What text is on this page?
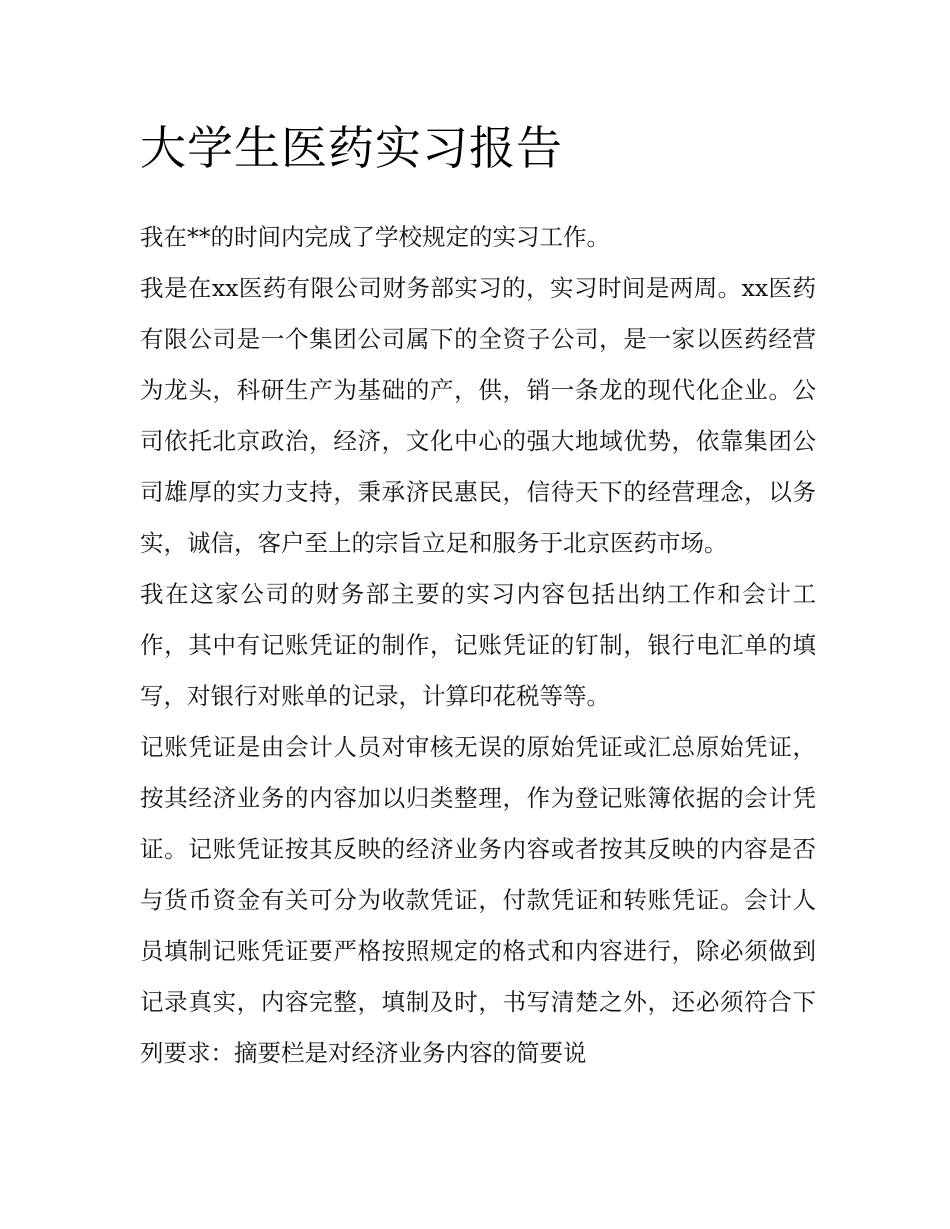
大学生医药实习报告

我在**的时间内完成了学校规定的实习工作。

我是在xx医药有限公司财务部实习的，实习时间是两周。xx医药有限公司是一个集团公司属下的全资子公司，是一家以医药经营为龙头，科研生产为基础的产，供，销一条龙的现代化企业。公司依托北京政治，经济，文化中心的强大地域优势，依靠集团公司雄厚的实力支持，秉承济民惠民，信待天下的经营理念，以务实，诚信，客户至上的宗旨立足和服务于北京医药市场。

我在这家公司的财务部主要的实习内容包括出纳工作和会计工作，其中有记账凭证的制作，记账凭证的钉制，银行电汇单的填写，对银行对账单的记录，计算印花税等等。

记账凭证是由会计人员对审核无误的原始凭证或汇总原始凭证，按其经济业务的内容加以归类整理，作为登记账簿依据的会计凭证。记账凭证按其反映的经济业务内容或者按其反映的内容是否与货币资金有关可分为收款凭证，付款凭证和转账凭证。会计人员填制记账凭证要严格按照规定的格式和内容进行，除必须做到记录真实，内容完整，填制及时，书写清楚之外，还必须符合下列要求：摘要栏是对经济业务内容的简要说
